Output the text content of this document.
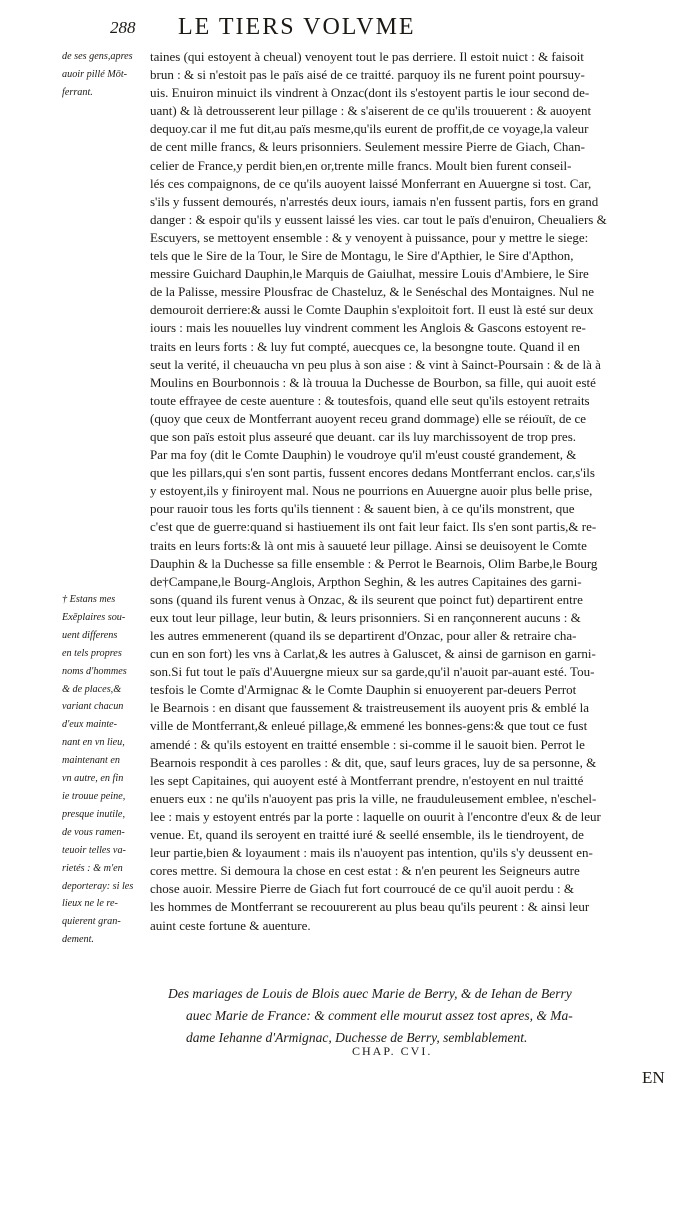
288 LE TIERS VOLVME
de ses gens,apres
auoir pillé Mōt-
ferrant.
† Estans mes
Exēplaires sou-
uent differens
en tels propres
noms d'hommes
& de places,&
variant chacun
d'eux mainte-
nant en vn lieu,
maintenant en
vn autre, en fin
ie trouue peine,
presque inutile,
de vous ramen-
teuoir telles va-
rietés : & m'en
deporteray: si les
lieux ne le re-
quierent gran-
dement.
taines (qui estoyent à cheual) venoyent tout le pas derriere. Il estoit nuict : & faisoit
brun : & si n'estoit pas le païs aisé de ce traitté. parquoy ils ne furent point poursuy-
uis. Enuiron minuict ils vindrent à Onzac(dont ils s'estoyent partis le iour second de-
uant) & là detrousserent leur pillage : & s'aiserent de ce qu'ils trouuerent : & auoyent
dequoy.car il me fut dit,au païs mesme,qu'ils eurent de proffit,de ce voyage,la valeur
de cent mille francs, & leurs prisonniers. Seulement messire Pierre de Giach, Chan-
celier de France,y perdit bien,en or,trente mille francs. Moult bien furent conseil-
lés ces compaignons, de ce qu'ils auoyent laissé Monferrant en Auuergne si tost. Car,
s'ils y fussent demourés, n'arrestés deux iours, iamais n'en fussent partis, fors en grand
danger : & espoir qu'ils y eussent laissé les vies. car tout le païs d'enuiron, Cheualiers &
Escuyers, se mettoyent ensemble : & y venoyent à puissance, pour y mettre le siege:
tels que le Sire de la Tour, le Sire de Montagu, le Sire d'Apthier, le Sire d'Apthon,
messire Guichard Dauphin,le Marquis de Gaiulhat, messire Louis d'Ambiere, le Sire
de la Palisse, messire Plousfrac de Chasteluz, & le Senéschal des Montaignes. Nul ne
demouroit derriere:& aussi le Comte Dauphin s'exploitoit fort. Il eust là esté sur deux
iours : mais les nouuelles luy vindrent comment les Anglois & Gascons estoyent re-
traits en leurs forts : & luy fut compté, auecques ce, la besongne toute. Quand il en
seut la verité, il cheuaucha vn peu plus à son aise : & vint à Sainct-Poursain : & de là à
Moulins en Bourbonnois : & là trouua la Duchesse de Bourbon, sa fille, qui auoit esté
toute effrayee de ceste auenture : & toutesfois, quand elle seut qu'ils estoyent retraits
(quoy que ceux de Montferrant auoyent receu grand dommage) elle se réiouït, de ce
que son païs estoit plus asseuré que deuant. car ils luy marchissoyent de trop pres.
Par ma foy (dit le Comte Dauphin) le voudroye qu'il m'eust cousté grandement, &
que les pillars,qui s'en sont partis, fussent encores dedans Montferrant enclos. car,s'ils
y estoyent,ils y finiroyent mal. Nous ne pourrions en Auuergne auoir plus belle prise,
pour rauoir tous les forts qu'ils tiennent : & sauent bien, à ce qu'ils monstrent, que
c'est que de guerre:quand si hastiuement ils ont fait leur faict. Ils s'en sont partis,& re-
traits en leurs forts:& là ont mis à sauueté leur pillage. Ainsi se deuisoyent le Comte
Dauphin & la Duchesse sa fille ensemble : & Perrot le Bearnois, Olim Barbe,le Bourg
de†Campane,le Bourg-Anglois, Arpthon Seghin, & les autres Capitaines des garni-
sons (quand ils furent venus à Onzac, & ils seurent que poinct fut) departirent entre
eux tout leur pillage, leur butin, & leurs prisonniers. Si en rançonnerent aucuns : &
les autres emmenerent (quand ils se departirent d'Onzac, pour aller & retraire cha-
cun en son fort) les vns à Carlat,& les autres à Galuscet, & ainsi de garnison en garni-
son.Si fut tout le païs d'Auuergne mieux sur sa garde,qu'il n'auoit par-auant esté. Tou-
tesfois le Comte d'Armignac & le Comte Dauphin si enuoyerent par-deuers Perrot
le Bearnois : en disant que faussement & traistreusement ils auoyent pris & emblé la
ville de Montferrant,& enleué pillage,& emmené les bonnes-gens:& que tout ce fust
amendé : & qu'ils estoyent en traitté ensemble : si-comme il le sauoit bien. Perrot le
Bearnois respondit à ces parolles : & dit, que, sauf leurs graces, luy de sa personne, &
les sept Capitaines, qui auoyent esté à Montferrant prendre, n'estoyent en nul traitté
enuers eux : ne qu'ils n'auoyent pas pris la ville, ne frauduleusement emblee, n'eschel-
lee : mais y estoyent entrés par la porte : laquelle on ouurit à l'encontre d'eux & de leur
venue. Et, quand ils seroyent en traitté iuré & seellé ensemble, ils le tiendroyent, de
leur partie,bien & loyaument : mais ils n'auoyent pas intention, qu'ils s'y deussent en-
cores mettre. Si demoura la chose en cest estat : & n'en peurent les Seigneurs autre
chose auoir. Messire Pierre de Giach fut fort courroucé de ce qu'il auoit perdu : &
les hommes de Montferrant se recouurerent au plus beau qu'ils peurent : & ainsi leur
auint ceste fortune & auenture.
Des mariages de Louis de Blois auec Marie de Berry, & de Iehan de Berry
auec Marie de France: & comment elle mourut assez tost apres, & Ma-
dame Iehanne d'Armignac, Duchesse de Berry, semblablement.
CHAP. CVI.
EN
